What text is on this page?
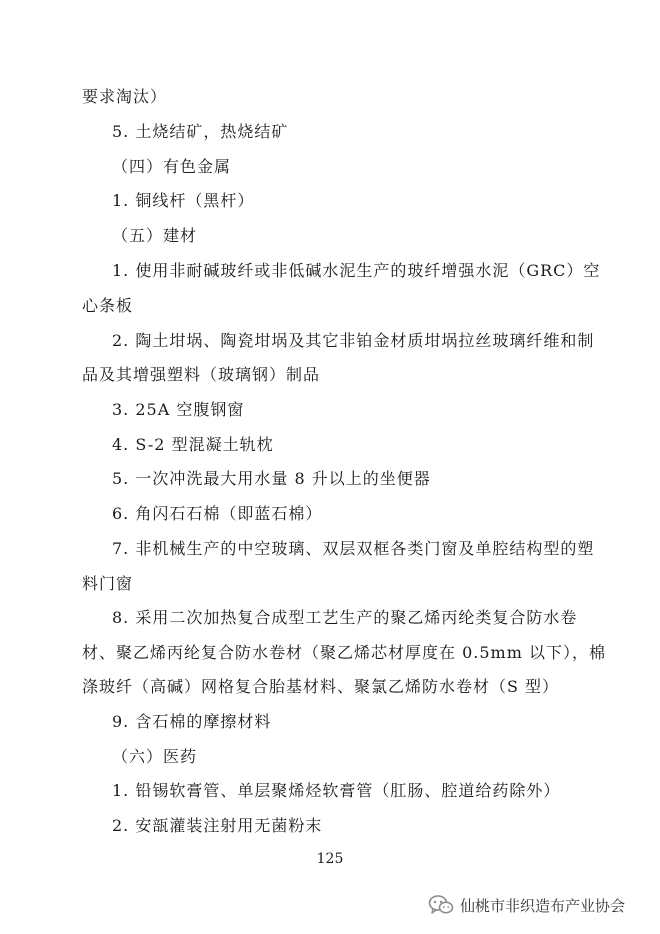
要求淘汰）
5. 土烧结矿，热烧结矿
（四）有色金属
1. 铜线杆（黑杆）
（五）建材
1. 使用非耐碱玻纤或非低碱水泥生产的玻纤增强水泥（GRC）空
心条板
2. 陶土坩埚、陶瓷坩埚及其它非铂金材质坩埚拉丝玻璃纤维和制
品及其增强塑料（玻璃钢）制品
3. 25A 空腹钢窗
4. S-2 型混凝土轨枕
5. 一次冲洗最大用水量 8 升以上的坐便器
6. 角闪石石棉（即蓝石棉）
7. 非机械生产的中空玻璃、双层双框各类门窗及单腔结构型的塑
料门窗
8. 采用二次加热复合成型工艺生产的聚乙烯丙纶类复合防水卷
材、聚乙烯丙纶复合防水卷材（聚乙烯芯材厚度在 0.5mm 以下），棉
涤玻纤（高碱）网格复合胎基材料、聚氯乙烯防水卷材（S 型）
9. 含石棉的摩擦材料
（六）医药
1. 铅锡软膏管、单层聚烯烃软膏管（肛肠、腔道给药除外）
2. 安瓿灌装注射用无菌粉末
125
仙桃市非织造布产业协会
